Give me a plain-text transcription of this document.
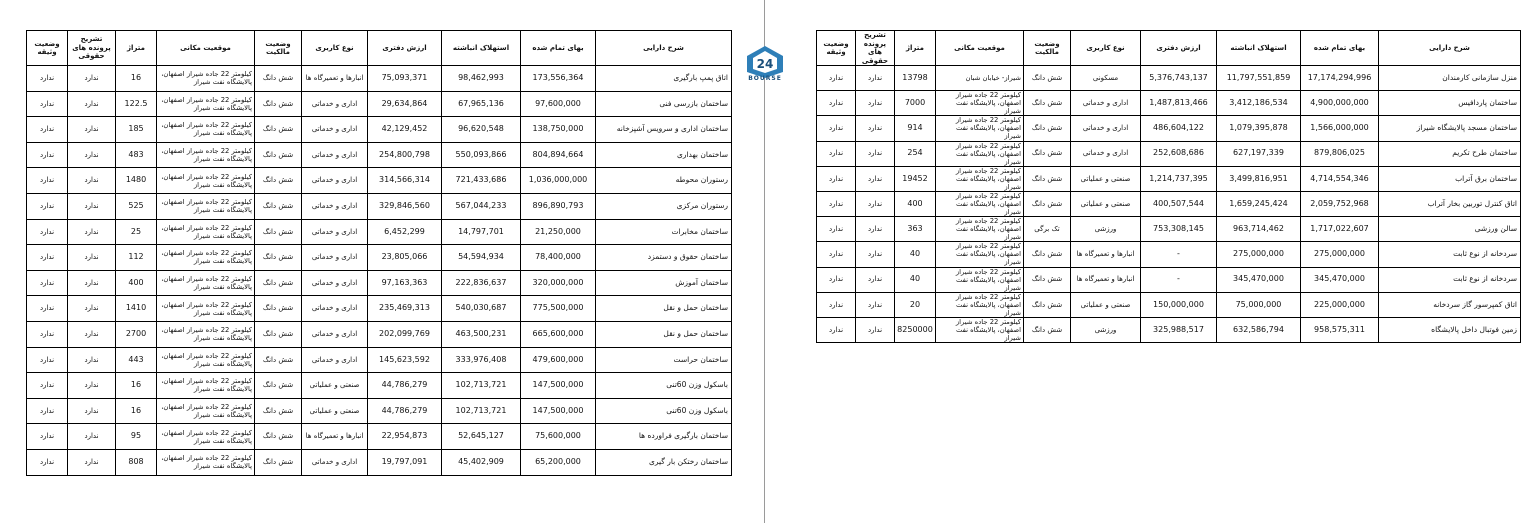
24
BOURSE
شرح دارایی	بهای تمام شده	استهلاک انباشته	ارزش دفتری	نوع کاربری	وضعیت مالکیت	موقعیت مکانی	متراژ	تشریح پرونده های حقوقی	وضعیت وثیقه
اتاق پمپ بارگیری	173,556,364	98,462,993	75,093,371	انبارها و تعمیرگاه ها	شش دانگ	کیلومتر 22 جاده شیراز اصفهان، پالایشگاه نفت شیراز	16	ندارد	ندارد
ساختمان بازرسی فنی	97,600,000	67,965,136	29,634,864	اداری و خدماتی	شش دانگ	کیلومتر 22 جاده شیراز اصفهان، پالایشگاه نفت شیراز	122.5	ندارد	ندارد
ساختمان اداری و سرویس آشپزخانه	138,750,000	96,620,548	42,129,452	اداری و خدماتی	شش دانگ	کیلومتر 22 جاده شیراز اصفهان، پالایشگاه نفت شیراز	185	ندارد	ندارد
ساختمان بهداری	804,894,664	550,093,866	254,800,798	اداری و خدماتی	شش دانگ	کیلومتر 22 جاده شیراز اصفهان، پالایشگاه نفت شیراز	483	ندارد	ندارد
رستوران محوطه	1,036,000,000	721,433,686	314,566,314	اداری و خدماتی	شش دانگ	کیلومتر 22 جاده شیراز اصفهان، پالایشگاه نفت شیراز	1480	ندارد	ندارد
رستوران مرکزی	896,890,793	567,044,233	329,846,560	اداری و خدماتی	شش دانگ	کیلومتر 22 جاده شیراز اصفهان، پالایشگاه نفت شیراز	525	ندارد	ندارد
ساختمان مخابرات	21,250,000	14,797,701	6,452,299	اداری و خدماتی	شش دانگ	کیلومتر 22 جاده شیراز اصفهان، پالایشگاه نفت شیراز	25	ندارد	ندارد
ساختمان حقوق و دستمزد	78,400,000	54,594,934	23,805,066	اداری و خدماتی	شش دانگ	کیلومتر 22 جاده شیراز اصفهان، پالایشگاه نفت شیراز	112	ندارد	ندارد
ساختمان آموزش	320,000,000	222,836,637	97,163,363	اداری و خدماتی	شش دانگ	کیلومتر 22 جاده شیراز اصفهان، پالایشگاه نفت شیراز	400	ندارد	ندارد
ساختمان حمل و نقل	775,500,000	540,030,687	235,469,313	اداری و خدماتی	شش دانگ	کیلومتر 22 جاده شیراز اصفهان، پالایشگاه نفت شیراز	1410	ندارد	ندارد
ساختمان حمل و نقل	665,600,000	463,500,231	202,099,769	اداری و خدماتی	شش دانگ	کیلومتر 22 جاده شیراز اصفهان، پالایشگاه نفت شیراز	2700	ندارد	ندارد
ساختمان حراست	479,600,000	333,976,408	145,623,592	اداری و خدماتی	شش دانگ	کیلومتر 22 جاده شیراز اصفهان، پالایشگاه نفت شیراز	443	ندارد	ندارد
باسکول وزن 60تنی	147,500,000	102,713,721	44,786,279	صنعتی و عملیاتی	شش دانگ	کیلومتر 22 جاده شیراز اصفهان، پالایشگاه نفت شیراز	16	ندارد	ندارد
باسکول وزن 60تنی	147,500,000	102,713,721	44,786,279	صنعتی و عملیاتی	شش دانگ	کیلومتر 22 جاده شیراز اصفهان، پالایشگاه نفت شیراز	16	ندارد	ندارد
ساختمان بارگیری فراورده ها	75,600,000	52,645,127	22,954,873	انبارها و تعمیرگاه ها	شش دانگ	کیلومتر 22 جاده شیراز اصفهان، پالایشگاه نفت شیراز	95	ندارد	ندارد
ساختمان رختکن بار گیری	65,200,000	45,402,909	19,797,091	اداری و خدماتی	شش دانگ	کیلومتر 22 جاده شیراز اصفهان، پالایشگاه نفت شیراز	808	ندارد	ندارد
شرح دارایی	بهای تمام شده	استهلاک انباشته	ارزش دفتری	نوع کاربری	وضعیت مالکیت	موقعیت مکانی	متراژ	تشریح پرونده های حقوقی	وضعیت وثیقه
منزل سازمانی کارمندان	17,174,294,996	11,797,551,859	5,376,743,137	مسکونی	شش دانگ	شیراز- خیابان شبان	13798	ندارد	ندارد
ساختمان پاردافیس	4,900,000,000	3,412,186,534	1,487,813,466	اداری و خدماتی	شش دانگ	کیلومتر 22 جاده شیراز اصفهان، پالایشگاه نفت شیراز	7000	ندارد	ندارد
ساختمان مسجد پالایشگاه شیراز	1,566,000,000	1,079,395,878	486,604,122	اداری و خدماتی	شش دانگ	کیلومتر 22 جاده شیراز اصفهان، پالایشگاه نفت شیراز	914	ندارد	ندارد
ساختمان طرح تکریم	879,806,025	627,197,339	252,608,686	اداری و خدماتی	شش دانگ	کیلومتر 22 جاده شیراز اصفهان، پالایشگاه نفت شیراز	254	ندارد	ندارد
ساختمان برق آتراب	4,714,554,346	3,499,816,951	1,214,737,395	صنعتی و عملیاتی	شش دانگ	کیلومتر 22 جاده شیراز اصفهان، پالایشگاه نفت شیراز	19452	ندارد	ندارد
اتاق کنترل توربین بخار آتراب	2,059,752,968	1,659,245,424	400,507,544	صنعتی و عملیاتی	شش دانگ	کیلومتر 22 جاده شیراز اصفهان، پالایشگاه نفت شیراز	400	ندارد	ندارد
سالن ورزشی	1,717,022,607	963,714,462	753,308,145	ورزشی	تک برگی	کیلومتر 22 جاده شیراز اصفهان، پالایشگاه نفت شیراز	363	ندارد	ندارد
سردخانه از نوع ثابت	275,000,000	275,000,000	-	انبارها و تعمیرگاه ها	شش دانگ	کیلومتر 22 جاده شیراز اصفهان، پالایشگاه نفت شیراز	40	ندارد	ندارد
سردخانه از نوع ثابت	345,470,000	345,470,000	-	انبارها و تعمیرگاه ها	شش دانگ	کیلومتر 22 جاده شیراز اصفهان، پالایشگاه نفت شیراز	40	ندارد	ندارد
اتاق کمپرسور گاز سردخانه	225,000,000	75,000,000	150,000,000	صنعتی و عملیاتی	شش دانگ	کیلومتر 22 جاده شیراز اصفهان، پالایشگاه نفت شیراز	20	ندارد	ندارد
زمین فوتبال داخل پالایشگاه	958,575,311	632,586,794	325,988,517	ورزشی	شش دانگ	کیلومتر 22 جاده شیراز اصفهان، پالایشگاه نفت شیراز	8250000	ندارد	ندارد
